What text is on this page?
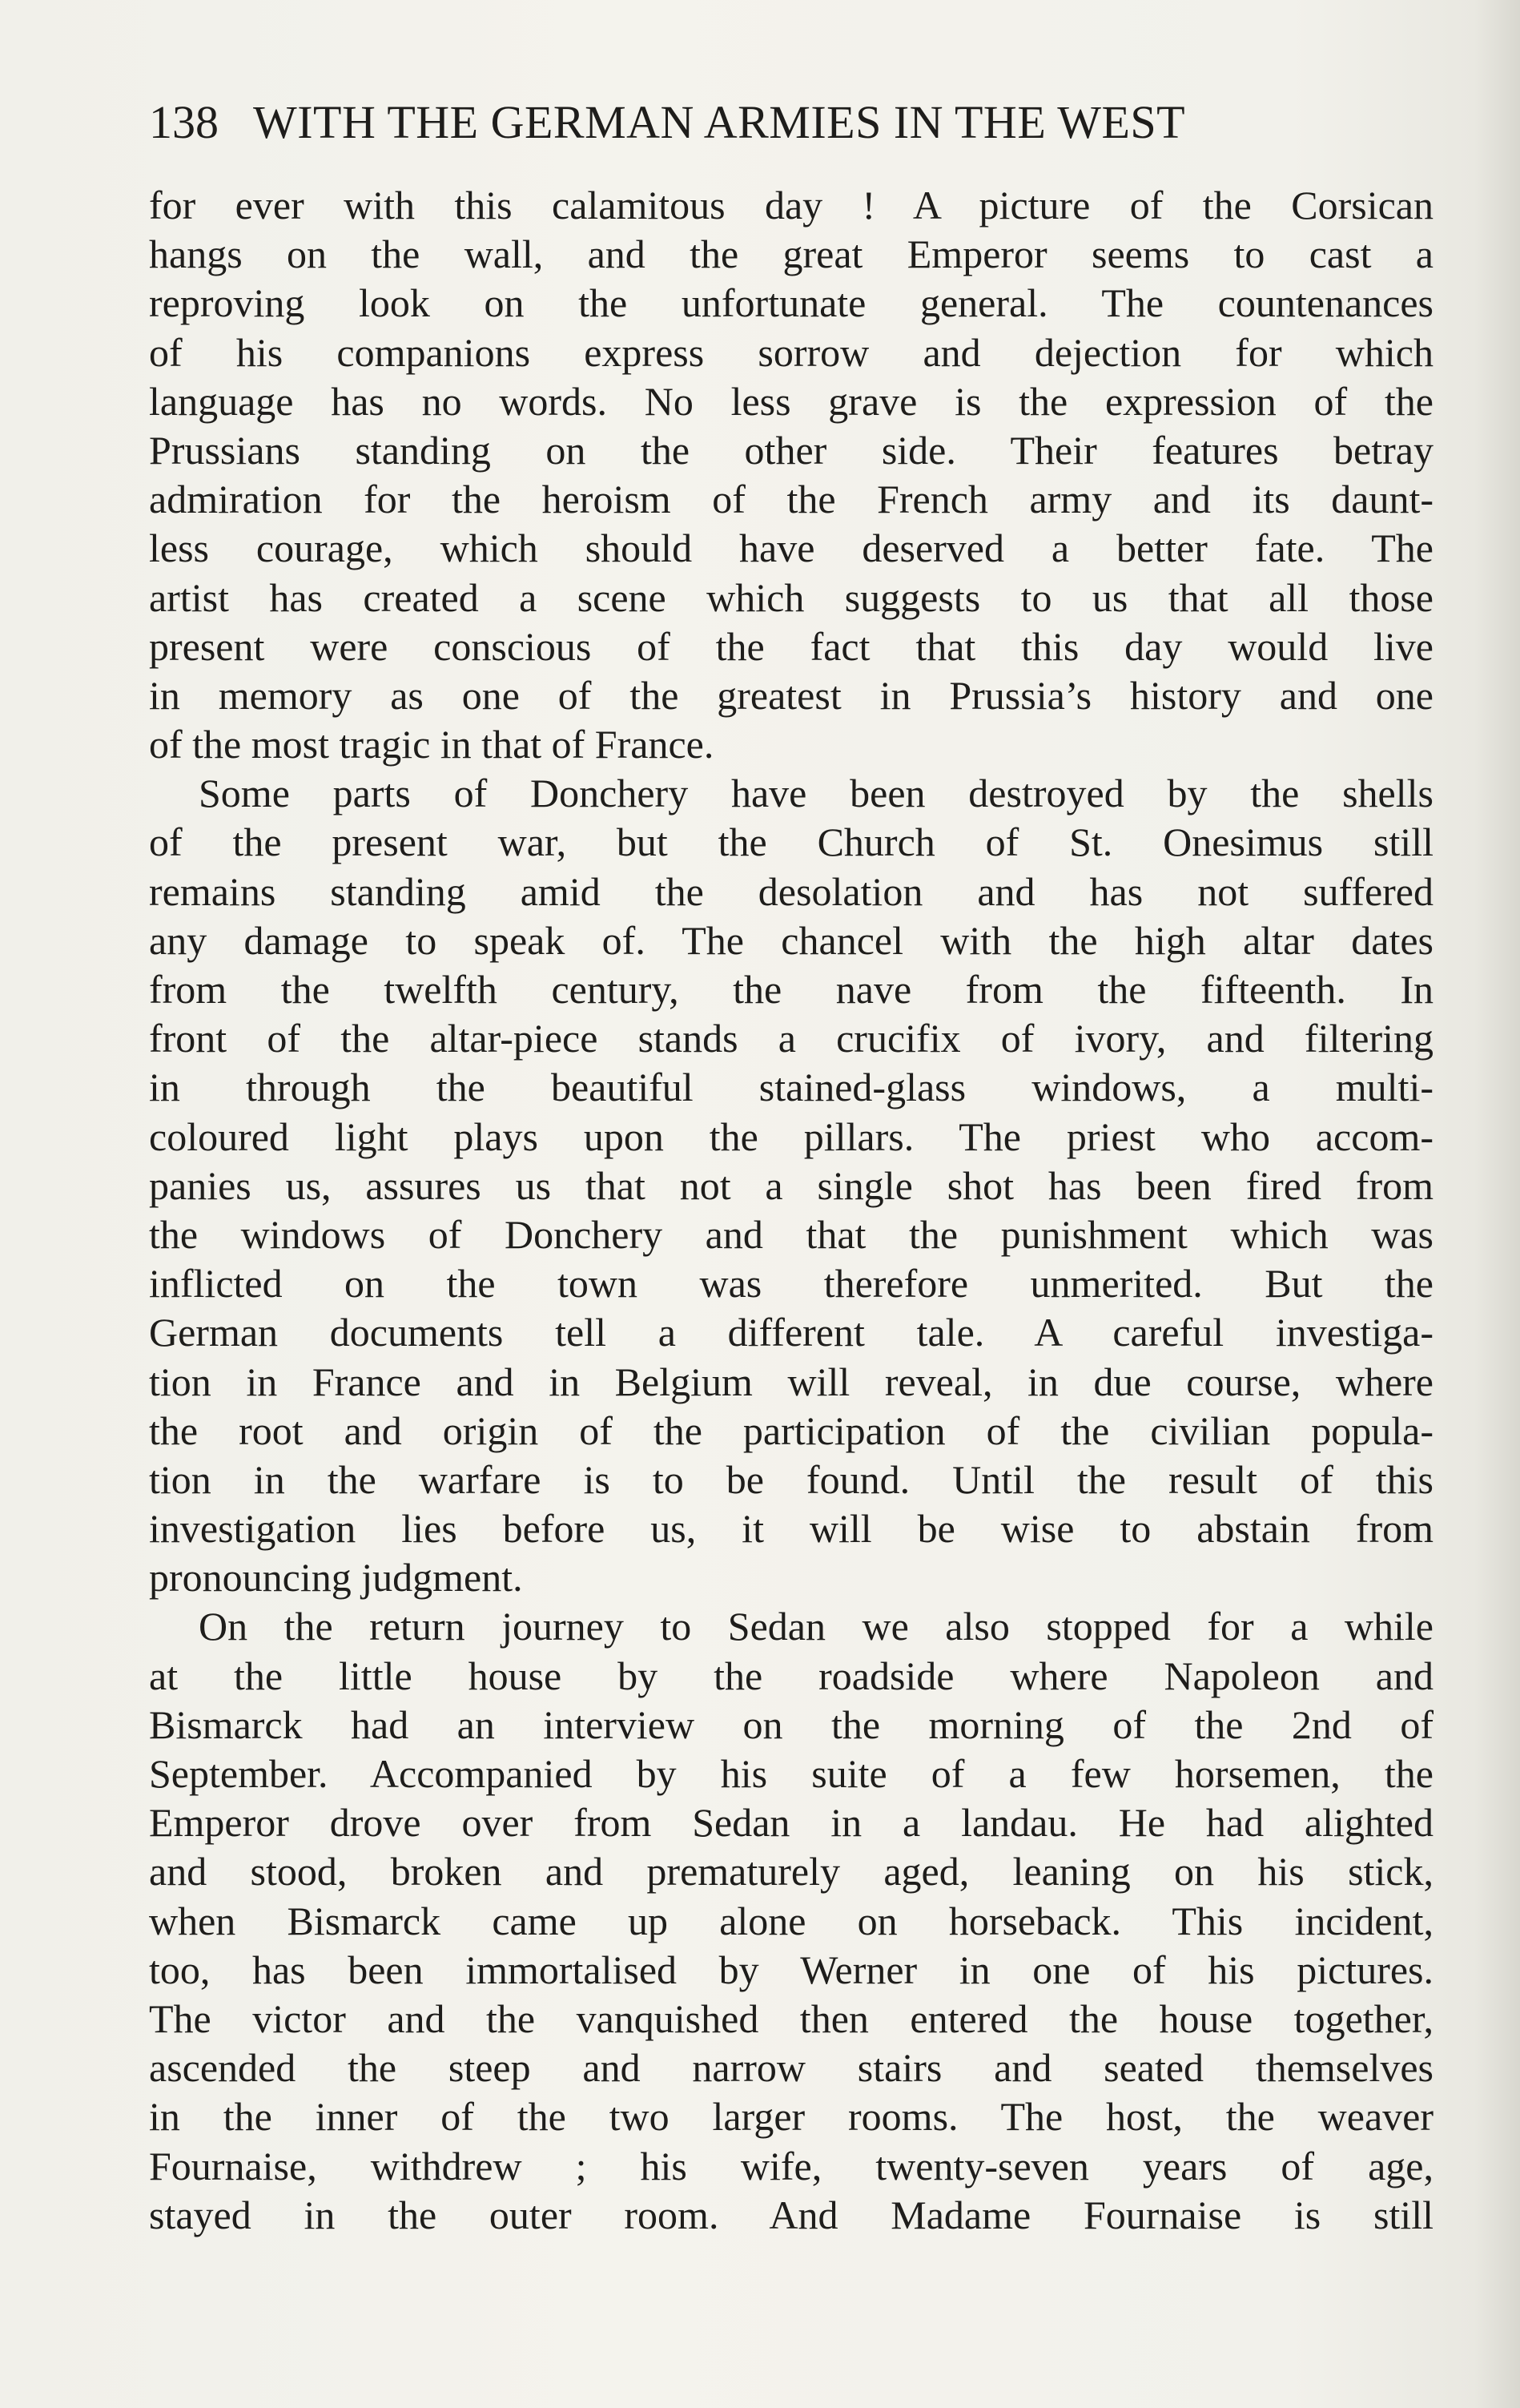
138 WITH THE GERMAN ARMIES IN THE WEST
for ever with this calamitous day ! A picture of the Corsican
hangs on the wall, and the great Emperor seems to cast a
reproving look on the unfortunate general. The countenances
of his companions express sorrow and dejection for which
language has no words. No less grave is the expression of the
Prussians standing on the other side. Their features betray
admiration for the heroism of the French army and its daunt-
less courage, which should have deserved a better fate. The
artist has created a scene which suggests to us that all those
present were conscious of the fact that this day would live
in memory as one of the greatest in Prussia’s history and one
of the most tragic in that of France.
Some parts of Donchery have been destroyed by the shells
of the present war, but the Church of St. Onesimus still
remains standing amid the desolation and has not suffered
any damage to speak of. The chancel with the high altar dates
from the twelfth century, the nave from the fifteenth. In
front of the altar-piece stands a crucifix of ivory, and filtering
in through the beautiful stained-glass windows, a multi-
coloured light plays upon the pillars. The priest who accom-
panies us, assures us that not a single shot has been fired from
the windows of Donchery and that the punishment which was
inflicted on the town was therefore unmerited. But the
German documents tell a different tale. A careful investiga-
tion in France and in Belgium will reveal, in due course, where
the root and origin of the participation of the civilian popula-
tion in the warfare is to be found. Until the result of this
investigation lies before us, it will be wise to abstain from
pronouncing judgment.
On the return journey to Sedan we also stopped for a while
at the little house by the roadside where Napoleon and
Bismarck had an interview on the morning of the 2nd of
September. Accompanied by his suite of a few horsemen, the
Emperor drove over from Sedan in a landau. He had alighted
and stood, broken and prematurely aged, leaning on his stick,
when Bismarck came up alone on horseback. This incident,
too, has been immortalised by Werner in one of his pictures.
The victor and the vanquished then entered the house together,
ascended the steep and narrow stairs and seated themselves
in the inner of the two larger rooms. The host, the weaver
Fournaise, withdrew ; his wife, twenty-seven years of age,
stayed in the outer room. And Madame Fournaise is still
